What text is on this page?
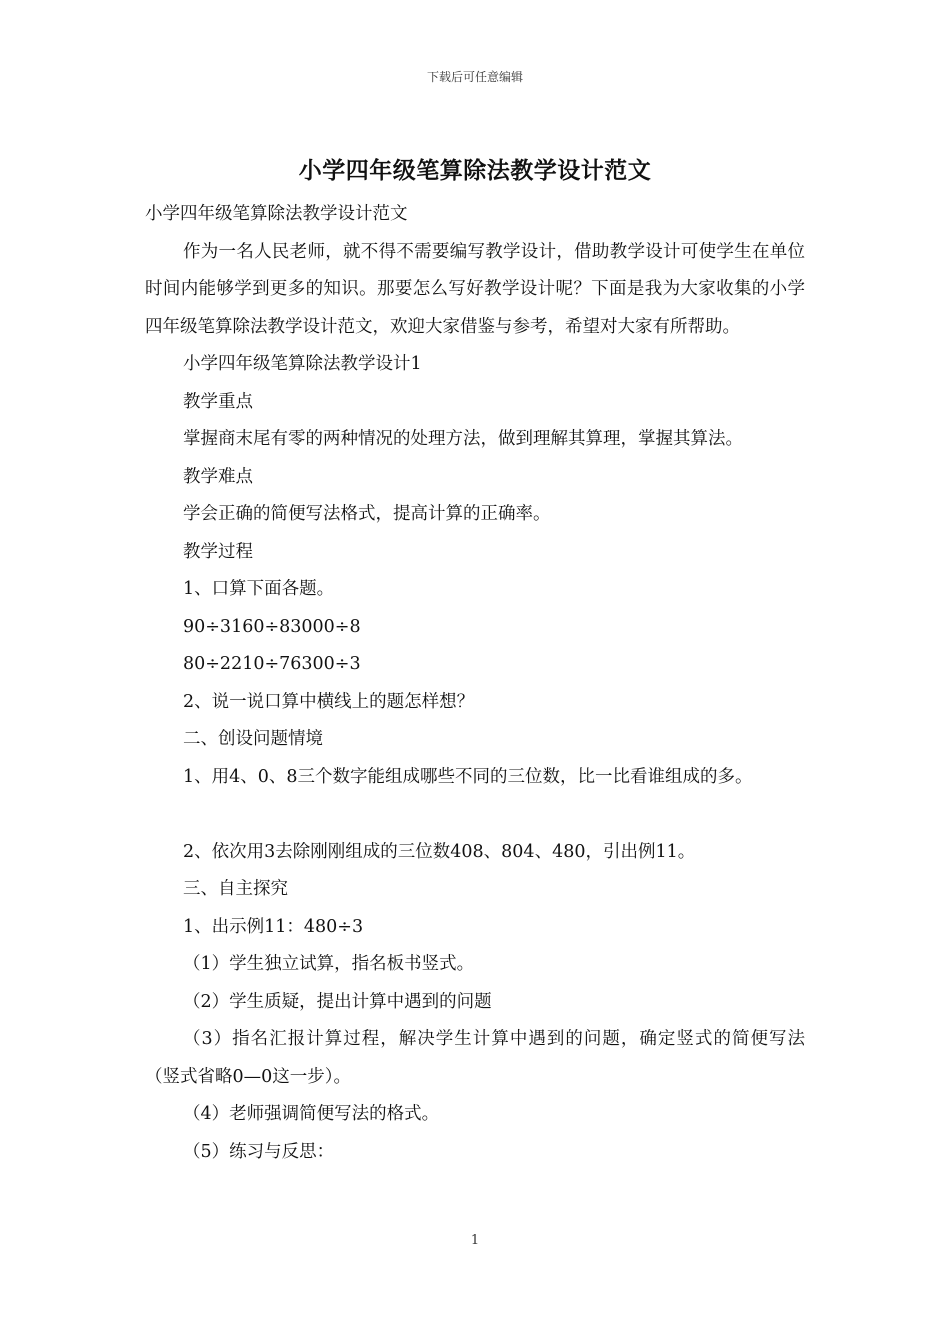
下载后可任意编辑
小学四年级笔算除法教学设计范文

小学四年级笔算除法教学设计范文

作为一名人民老师，就不得不需要编写教学设计，借助教学设计可使学生在单位时间内能够学到更多的知识。那要怎么写好教学设计呢？下面是我为大家收集的小学四年级笔算除法教学设计范文，欢迎大家借鉴与参考，希望对大家有所帮助。

小学四年级笔算除法教学设计1

教学重点

掌握商末尾有零的两种情况的处理方法，做到理解其算理，掌握其算法。

教学难点

学会正确的简便写法格式，提高计算的正确率。

教学过程

1、口算下面各题。

90÷3160÷83000÷8

80÷2210÷76300÷3

2、说一说口算中横线上的题怎样想？

二、创设问题情境

1、用4、0、8三个数字能组成哪些不同的三位数，比一比看谁组成的多。

2、依次用3去除刚刚组成的三位数408、804、480，引出例11。

三、自主探究

1、出示例11：480÷3

（1）学生独立试算，指名板书竖式。

（2）学生质疑，提出计算中遇到的问题

（3）指名汇报计算过程，解决学生计算中遇到的问题，确定竖式的简便写法（竖式省略0—0这一步）。

（4）老师强调简便写法的格式。

（5）练习与反思：

1
